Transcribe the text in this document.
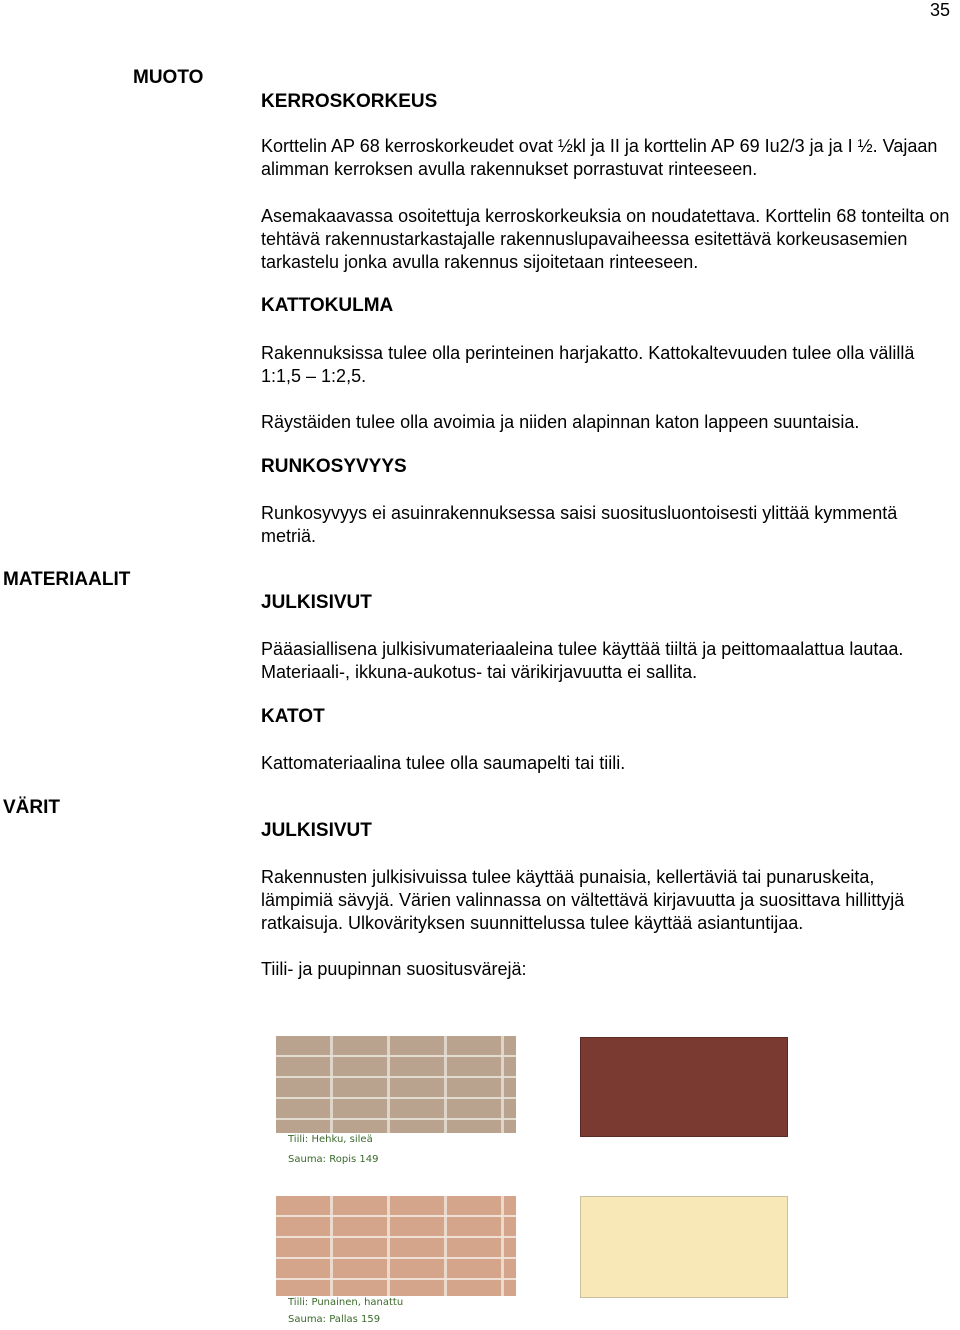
35
MUOTO
MATERIAALIT
VÄRIT
KERROSKORKEUS
Korttelin AP 68 kerroskorkeudet ovat ½kl ja II ja korttelin AP 69 Iu2/3 ja ja I ½. Vajaan alimman kerroksen avulla rakennukset porrastuvat rinteeseen.
Asemakaavassa osoitettuja kerroskorkeuksia on noudatettava. Korttelin 68 tonteilta on tehtävä rakennustarkastajalle rakennuslupavaiheessa esitettävä korkeusasemien tarkastelu jonka avulla rakennus sijoitetaan rinteeseen.
KATTOKULMA
Rakennuksissa tulee olla perinteinen harjakatto. Kattokaltevuuden tulee olla välillä 1:1,5 – 1:2,5.
Räystäiden tulee olla avoimia ja niiden alapinnan katon lappeen suuntaisia.
RUNKOSYVYYS
Runkosyvyys ei asuinrakennuksessa saisi suositusluontoisesti ylittää kymmentä metriä.
JULKISIVUT
Pääasiallisena julkisivumateriaaleina tulee käyttää tiiltä ja peittomaalattua lautaa. Materiaali-, ikkuna-aukotus- tai värikirjavuutta ei sallita.
KATOT
Kattomateriaalina tulee olla saumapelti tai tiili.
JULKISIVUT
Rakennusten julkisivuissa tulee käyttää punaisia, kellertäviä tai punaruskeita, lämpimiä sävyjä. Värien valinnassa on vältettävä kirjavuutta ja suosittava hillittyjä ratkaisuja. Ulkovärityksen suunnittelussa tulee käyttää asiantuntijaa.
Tiili- ja puupinnan suositusvärejä:
Tiili: Hehku, sileä
Sauma: Ropis 149
Tiili: Punainen, hanattu
Sauma: Pallas 159
